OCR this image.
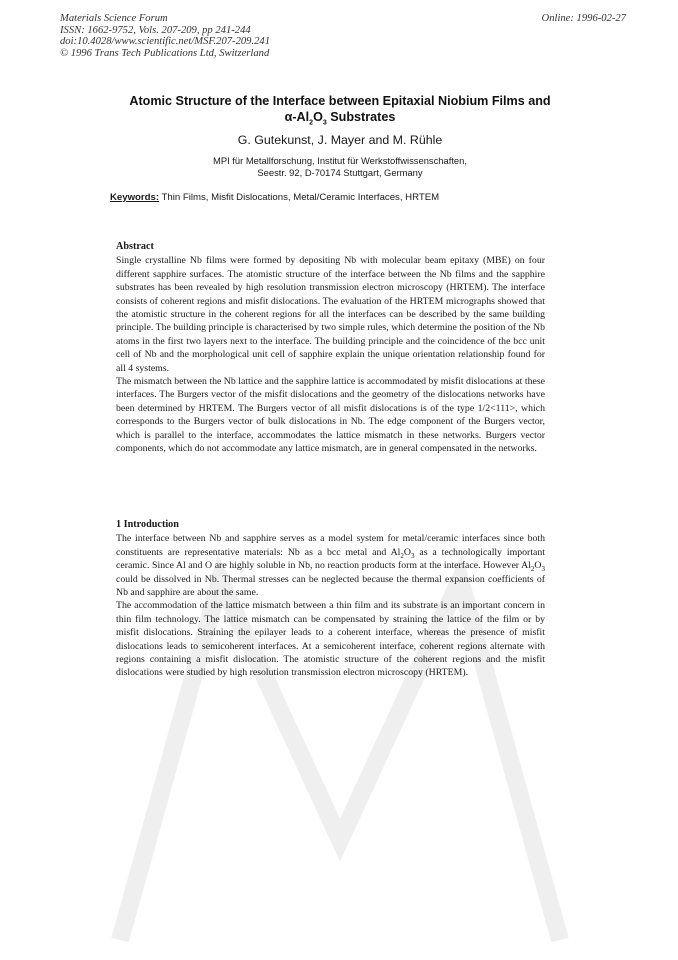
Materials Science Forum
ISSN: 1662-9752, Vols. 207-209, pp 241-244
doi:10.4028/www.scientific.net/MSF.207-209.241
© 1996 Trans Tech Publications Ltd, Switzerland
Online: 1996-02-27
Atomic Structure of the Interface between Epitaxial Niobium Films and
$\alpha-Al_2O_3$ Substrates
G. Gutekunst, J. Mayer and M. Rühle
MPI für Metallforschung, Institut für Werkstoffwissenschaften,
Seestr. 92, D-70174 Stuttgart, Germany
Keywords: Thin Films, Misfit Dislocations, Metal/Ceramic Interfaces, HRTEM
Abstract

Single crystalline Nb films were formed by depositing Nb with molecular beam epitaxy (MBE) on four different sapphire surfaces. The atomistic structure of the interface between the Nb films and the sapphire substrates has been revealed by high resolution transmission electron microscopy (HRTEM). The interface consists of coherent regions and misfit dislocations. The evaluation of the HRTEM micrographs showed that the atomistic structure in the coherent regions for all the interfaces can be described by the same building principle. The building principle is characterised by two simple rules, which determine the position of the Nb atoms in the first two layers next to the interface. The building principle and the coincidence of the bcc unit cell of Nb and the morphological unit cell of sapphire explain the unique orientation relationship found for all 4 systems.

The mismatch between the Nb lattice and the sapphire lattice is accommodated by misfit dislocations at these interfaces. The Burgers vector of the misfit dislocations and the geometry of the dislocations networks have been determined by HRTEM. The Burgers vector of all misfit dislocations is of the type 1/2<111>, which corresponds to the Burgers vector of bulk dislocations in Nb. The edge component of the Burgers vector, which is parallel to the interface, accommodates the lattice mismatch in these networks. Burgers vector components, which do not accommodate any lattice mismatch, are in general compensated in the networks.

1 Introduction

The interface between Nb and sapphire serves as a model system for metal/ceramic interfaces since both constituents are representative materials: Nb as a bcc metal and $Al_2O_3$ as a technologically important ceramic. Since Al and O are highly soluble in Nb, no reaction products form at the interface. However $Al_2O_3$ could be dissolved in Nb. Thermal stresses can be neglected because the thermal expansion coefficients of Nb and sapphire are about the same.

The accommodation of the lattice mismatch between a thin film and its substrate is an important concern in thin film technology. The lattice mismatch can be compensated by straining the lattice of the film or by misfit dislocations. Straining the epilayer leads to a coherent interface, whereas the presence of misfit dislocations leads to semicoherent interfaces. At a semicoherent interface, coherent regions alternate with regions containing a misfit dislocation. The atomistic structure of the coherent regions and the misfit dislocations were studied by high resolution transmission electron microscopy (HRTEM).
